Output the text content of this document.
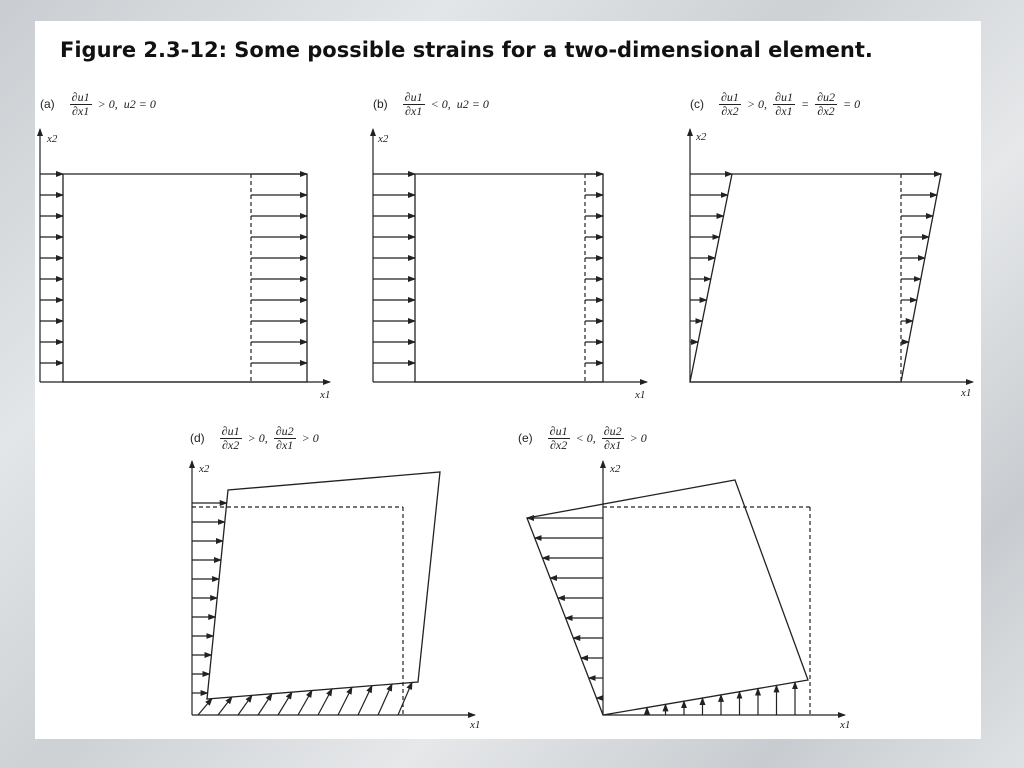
Figure 2.3-12: Some possible strains for a two-dimensional element.
$(a) \frac{\partial u1}{\partial x1} > 0$, u2 = 0	$(b) \frac{\partial u1}{\partial x1} < 0$, u2 = 0	$(c) \frac{\partial u1}{\partial x2} > 0$, $\frac{\partial u1}{\partial x1} = \frac{\partial u2}{\partial x2} = 0$
$(d) \frac{\partial u1}{\partial x2} > 0$, $\frac{\partial u2}{\partial x1} > 0$	$(e) \frac{\partial u1}{\partial x2} < 0$, $\frac{\partial u2}{\partial x1} > 0$
x2
x1
x2
x1
x2
x1
x2
x1
x2
x1
